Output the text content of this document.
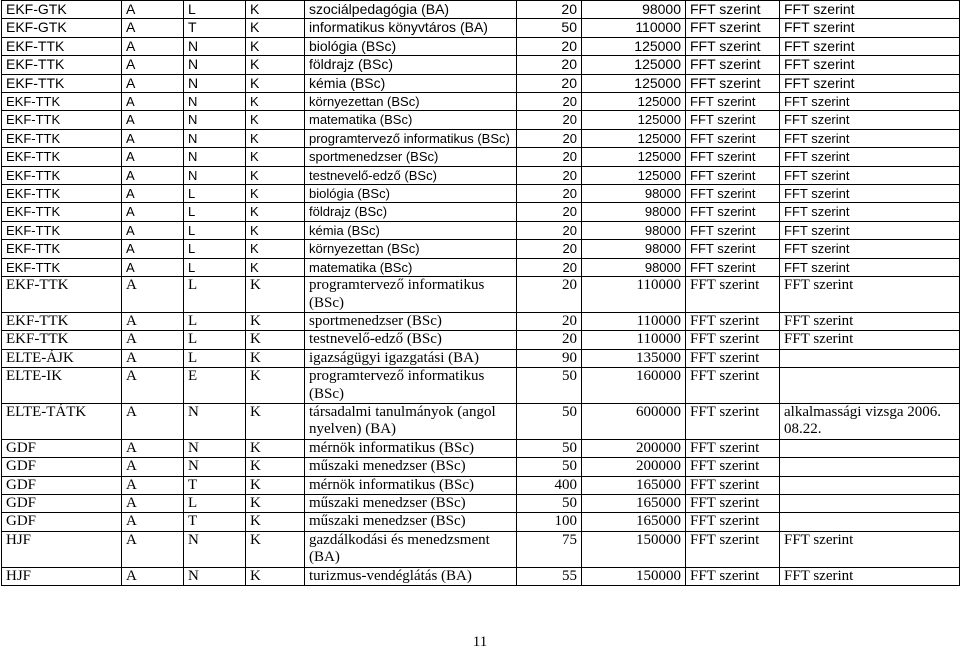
EKF-GTK	A	L	K	szociálpedagógia (BA)	20	98000	FFT szerint	FFT szerint
EKF-GTK	A	T	K	informatikus könyvtáros (BA)	50	110000	FFT szerint	FFT szerint
EKF-TTK	A	N	K	biológia (BSc)	20	125000	FFT szerint	FFT szerint
EKF-TTK	A	N	K	földrajz (BSc)	20	125000	FFT szerint	FFT szerint
EKF-TTK	A	N	K	kémia (BSc)	20	125000	FFT szerint	FFT szerint
EKF-TTK	A	N	K	környezettan (BSc)	20	125000	FFT szerint	FFT szerint
EKF-TTK	A	N	K	matematika (BSc)	20	125000	FFT szerint	FFT szerint
EKF-TTK	A	N	K	programtervező informatikus (BSc)	20	125000	FFT szerint	FFT szerint
EKF-TTK	A	N	K	sportmenedzser (BSc)	20	125000	FFT szerint	FFT szerint
EKF-TTK	A	N	K	testnevelő-edző (BSc)	20	125000	FFT szerint	FFT szerint
EKF-TTK	A	L	K	biológia (BSc)	20	98000	FFT szerint	FFT szerint
EKF-TTK	A	L	K	földrajz (BSc)	20	98000	FFT szerint	FFT szerint
EKF-TTK	A	L	K	kémia (BSc)	20	98000	FFT szerint	FFT szerint
EKF-TTK	A	L	K	környezettan (BSc)	20	98000	FFT szerint	FFT szerint
EKF-TTK	A	L	K	matematika (BSc)	20	98000	FFT szerint	FFT szerint
EKF-TTK	A	L	K	programtervező informatikus (BSc)	20	110000	FFT szerint	FFT szerint
EKF-TTK	A	L	K	sportmenedzser (BSc)	20	110000	FFT szerint	FFT szerint
EKF-TTK	A	L	K	testnevelő-edző (BSc)	20	110000	FFT szerint	FFT szerint
ELTE-ÁJK	A	L	K	igazságügyi igazgatási (BA)	90	135000	FFT szerint	
ELTE-IK	A	E	K	programtervező informatikus (BSc)	50	160000	FFT szerint	
ELTE-TÁTK	A	N	K	társadalmi tanulmányok (angol nyelven) (BA)	50	600000	FFT szerint	alkalmassági vizsga 2006. 08.22.
GDF	A	N	K	mérnök informatikus (BSc)	50	200000	FFT szerint	
GDF	A	N	K	műszaki menedzser (BSc)	50	200000	FFT szerint	
GDF	A	T	K	mérnök informatikus (BSc)	400	165000	FFT szerint	
GDF	A	L	K	műszaki menedzser (BSc)	50	165000	FFT szerint	
GDF	A	T	K	műszaki menedzser (BSc)	100	165000	FFT szerint	
HJF	A	N	K	gazdálkodási és menedzsment (BA)	75	150000	FFT szerint	FFT szerint
HJF	A	N	K	turizmus-vendéglátás (BA)	55	150000	FFT szerint	FFT szerint
11
